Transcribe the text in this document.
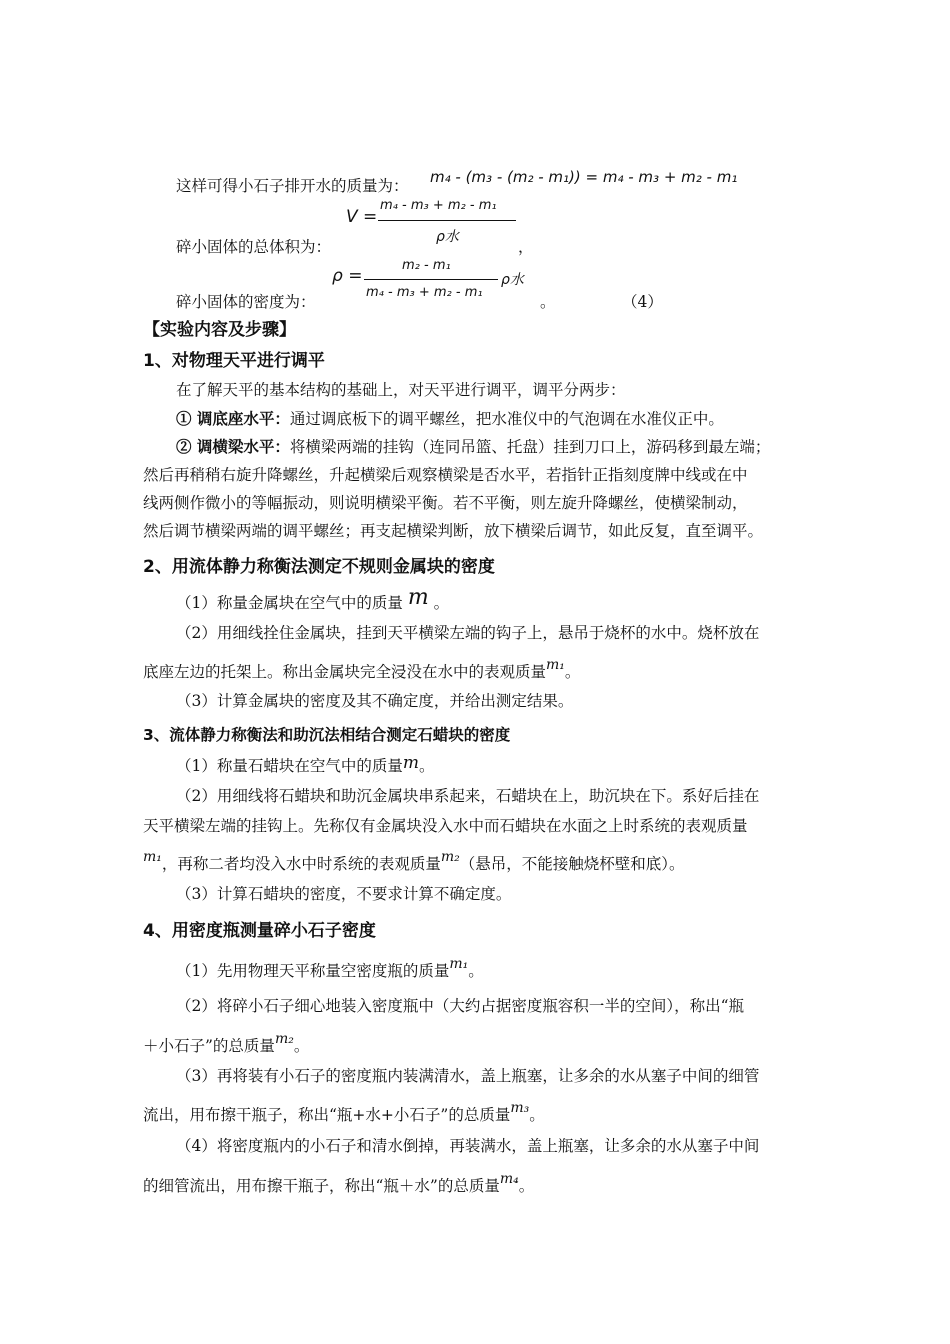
这样可得小石子排开水的质量为： m₄ - (m₃ - (m₂ - m₁)) = m₄ - m₃ + m₂ - m₁
V =
m₄ - m₃ + m₂ - m₁
ρ水
碎小固体的总体积为：	，
ρ =
m₂ - m₁
m₄ - m₃ + m₂ - m₁
ρ水
碎小固体的密度为：	。	（4）
【实验内容及步骤】
1、对物理天平进行调平
在了解天平的基本结构的基础上，对天平进行调平，调平分两步：
① 调底座水平：通过调底板下的调平螺丝，把水准仪中的气泡调在水准仪正中。
② 调横梁水平：将横梁两端的挂钩（连同吊篮、托盘）挂到刀口上，游码移到最左端；
然后再稍稍右旋升降螺丝，升起横梁后观察横梁是否水平，若指针正指刻度牌中线或在中
线两侧作微小的等幅振动，则说明横梁平衡。若不平衡，则左旋升降螺丝，使横梁制动，
然后调节横梁两端的调平螺丝；再支起横梁判断，放下横梁后调节，如此反复，直至调平。
2、用流体静力称衡法测定不规则金属块的密度
（1）称量金属块在空气中的质量 m 。
（2）用细线拴住金属块，挂到天平横梁左端的钩子上，悬吊于烧杯的水中。烧杯放在
底座左边的托架上。称出金属块完全浸没在水中的表观质量m₁。
（3）计算金属块的密度及其不确定度，并给出测定结果。
3、流体静力称衡法和助沉法相结合测定石蜡块的密度
（1）称量石蜡块在空气中的质量m。
（2）用细线将石蜡块和助沉金属块串系起来，石蜡块在上，助沉块在下。系好后挂在
天平横梁左端的挂钩上。先称仅有金属块没入水中而石蜡块在水面之上时系统的表观质量
m₁，再称二者均没入水中时系统的表观质量m₂（悬吊，不能接触烧杯壁和底）。
（3）计算石蜡块的密度，不要求计算不确定度。
4、用密度瓶测量碎小石子密度
（1）先用物理天平称量空密度瓶的质量m₁。
（2）将碎小石子细心地装入密度瓶中（大约占据密度瓶容积一半的空间），称出“瓶
＋小石子”的总质量m₂。
（3）再将装有小石子的密度瓶内装满清水，盖上瓶塞，让多余的水从塞子中间的细管
流出，用布擦干瓶子，称出“瓶+水+小石子”的总质量m₃。
（4）将密度瓶内的小石子和清水倒掉，再装满水，盖上瓶塞，让多余的水从塞子中间
的细管流出，用布擦干瓶子，称出“瓶＋水”的总质量m₄。
